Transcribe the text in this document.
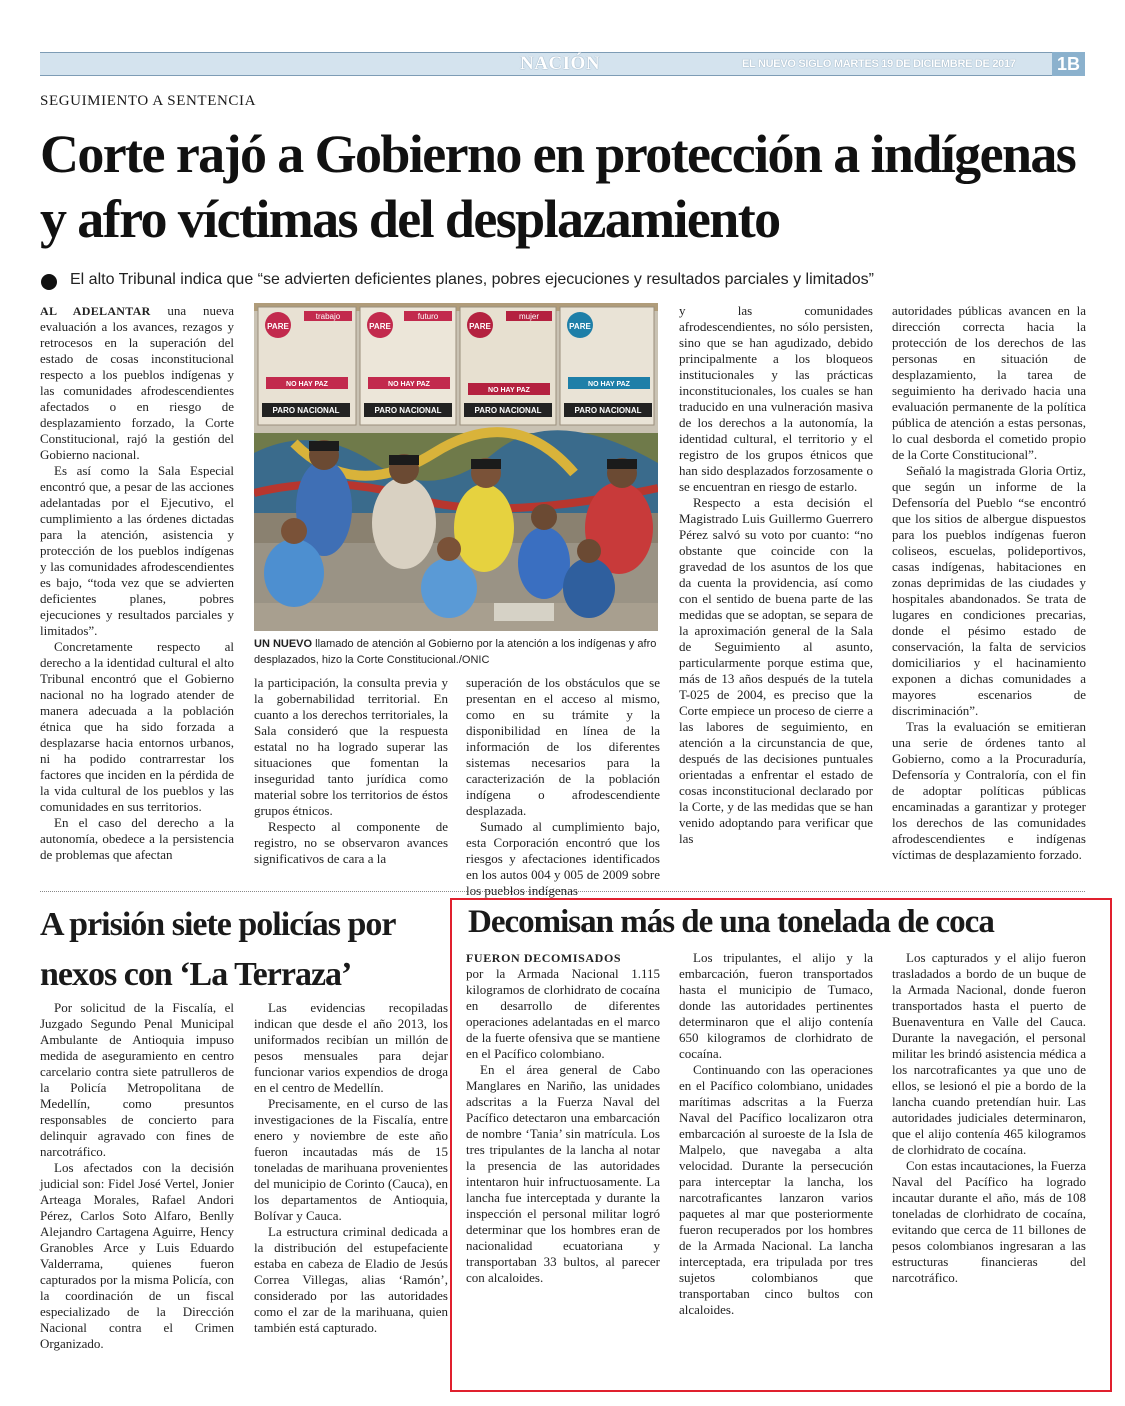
NACIÓN	EL NUEVO SIGLO MARTES 19 DE DICIEMBRE DE 2017 1B
SEGUIMIENTO A SENTENCIA
Corte rajó a Gobierno en protección a indígenas y afro víctimas del desplazamiento
El alto Tribunal indica que “se advierten deficientes planes, pobres ejecuciones y resultados parciales y limitados”

AL ADELANTAR una nueva evaluación a los avances, rezagos y retrocesos en la superación del estado de cosas inconstitucional respecto a los pueblos indígenas y las comunidades afrodescendientes afectados o en riesgo de desplazamiento forzado, la Corte Constitucional, rajó la gestión del Gobierno nacional.

Es así como la Sala Especial encontró que, a pesar de las acciones adelantadas por el Ejecutivo, el cumplimiento a las órdenes dictadas para la atención, asistencia y protección de los pueblos indígenas y las comunidades afrodescendientes es bajo, “toda vez que se advierten deficientes planes, pobres ejecuciones y resultados parciales y limitados”.

Concretamente respecto al derecho a la identidad cultural el alto Tribunal encontró que el Gobierno nacional no ha logrado atender de manera adecuada a la población étnica que ha sido forzada a desplazarse hacia entornos urbanos, ni ha podido contrarrestar los factores que inciden en la pérdida de la vida cultural de los pueblos y las comunidades en sus territorios.

En el caso del derecho a la autonomía, obedece a la persistencia de problemas que afectan

PARE	PARE	PARE	PARE
trabajo	futuro	mujer
NO HAY PAZ	NO HAY PAZ
NO HAY PAZ
NO HAY PAZ
PARO NACIONAL	PARO NACIONAL	PARO NACIONAL	PARO NACIONAL
UN NUEVO llamado de atención al Gobierno por la atención a los indígenas y afro desplazados, hizo la Corte Constitucional./ONIC

la participación, la consulta previa y la gobernabilidad territorial. En cuanto a los derechos territoriales, la Sala consideró que la respuesta estatal no ha logrado superar las situaciones que fomentan la inseguridad tanto jurídica como material sobre los territorios de éstos grupos étnicos.

Respecto al componente de registro, no se observaron avances significativos de cara a la

superación de los obstáculos que se presentan en el acceso al mismo, como en su trámite y la disponibilidad en línea de la información de los diferentes sistemas necesarios para la caracterización de la población indígena o afrodescendiente desplazada.

Sumado al cumplimiento bajo, esta Corporación encontró que los riesgos y afectaciones identificados en los autos 004 y 005 de 2009 sobre los pueblos indígenas

y las comunidades afrodescendientes, no sólo persisten, sino que se han agudizado, debido principalmente a los bloqueos institucionales y las prácticas inconstitucionales, los cuales se han traducido en una vulneración masiva de los derechos a la autonomía, la identidad cultural, el territorio y el registro de los grupos étnicos que han sido desplazados forzosamente o se encuentran en riesgo de estarlo.

Respecto a esta decisión el Magistrado Luis Guillermo Guerrero Pérez salvó su voto por cuanto: “no obstante que coincide con la gravedad de los asuntos de los que da cuenta la providencia, así como con el sentido de buena parte de las medidas que se adoptan, se separa de la aproximación general de la Sala de Seguimiento al asunto, particularmente porque estima que, más de 13 años después de la tutela T-025 de 2004, es preciso que la Corte empiece un proceso de cierre a las labores de seguimiento, en atención a la circunstancia de que, después de las decisiones puntuales orientadas a enfrentar el estado de cosas inconstitucional declarado por la Corte, y de las medidas que se han venido adoptando para verificar que las

autoridades públicas avancen en la dirección correcta hacia la protección de los derechos de las personas en situación de desplazamiento, la tarea de seguimiento ha derivado hacia una evaluación permanente de la política pública de atención a estas personas, lo cual desborda el cometido propio de la Corte Constitucional”.

Señaló la magistrada Gloria Ortiz, que según un informe de la Defensoría del Pueblo “se encontró que los sitios de albergue dispuestos para los pueblos indígenas fueron coliseos, escuelas, polideportivos, casas indígenas, habitaciones en zonas deprimidas de las ciudades y hospitales abandonados. Se trata de lugares en condiciones precarias, donde el pésimo estado de conservación, la falta de servicios domiciliarios y el hacinamiento exponen a dichas comunidades a mayores escenarios de discriminación”.

Tras la evaluación se emitieran una serie de órdenes tanto al Gobierno, como a la Procuraduría, Defensoría y Contraloría, con el fin de adoptar políticas públicas encaminadas a garantizar y proteger los derechos de las comunidades afrodescendientes e indígenas víctimas de desplazamiento forzado.

A prisión siete policías por nexos con ‘La Terraza’

Por solicitud de la Fiscalía, el Juzgado Segundo Penal Municipal Ambulante de Antioquia impuso medida de aseguramiento en centro carcelario contra siete patrulleros de la Policía Metropolitana de Medellín, como presuntos responsables de concierto para delinquir agravado con fines de narcotráfico.

Los afectados con la decisión judicial son: Fidel José Vertel, Jonier Arteaga Morales, Rafael Andori Pérez, Carlos Soto Alfaro, Benlly Alejandro Cartagena Aguirre, Hency Granobles Arce y Luis Eduardo Valderrama, quienes fueron capturados por la misma Policía, con la coordinación de un fiscal especializado de la Dirección Nacional contra el Crimen Organizado.

Las evidencias recopiladas indican que desde el año 2013, los uniformados recibían un millón de pesos mensuales para dejar funcionar varios expendios de droga en el centro de Medellín.

Precisamente, en el curso de las investigaciones de la Fiscalía, entre enero y noviembre de este año fueron incautadas más de 15 toneladas de marihuana provenientes del municipio de Corinto (Cauca), en los departamentos de Antioquia, Bolívar y Cauca.

La estructura criminal dedicada a la distribución del estupefaciente estaba en cabeza de Eladio de Jesús Correa Villegas, alias ‘Ramón’, considerado por las autoridades como el zar de la marihuana, quien también está capturado.

Decomisan más de una tonelada de coca

FUERON DECOMISADOS
por la Armada Nacional 1.115 kilogramos de clorhidrato de cocaína en desarrollo de diferentes operaciones adelantadas en el marco de la fuerte ofensiva que se mantiene en el Pacífico colombiano.

En el área general de Cabo Manglares en Nariño, las unidades adscritas a la Fuerza Naval del Pacífico detectaron una embarcación de nombre ‘Tania’ sin matrícula. Los tres tripulantes de la lancha al notar la presencia de las autoridades intentaron huir infructuosamente. La lancha fue interceptada y durante la inspección el personal militar logró determinar que los hombres eran de nacionalidad ecuatoriana y transportaban 33 bultos, al parecer con alcaloides.

Los tripulantes, el alijo y la embarcación, fueron transportados hasta el municipio de Tumaco, donde las autoridades pertinentes determinaron que el alijo contenía 650 kilogramos de clorhidrato de cocaína.

Continuando con las operaciones en el Pacífico colombiano, unidades marítimas adscritas a la Fuerza Naval del Pacífico localizaron otra embarcación al suroeste de la Isla de Malpelo, que navegaba a alta velocidad. Durante la persecución para interceptar la lancha, los narcotraficantes lanzaron varios paquetes al mar que posteriormente fueron recuperados por los hombres de la Armada Nacional. La lancha interceptada, era tripulada por tres sujetos colombianos que transportaban cinco bultos con alcaloides.

Los capturados y el alijo fueron trasladados a bordo de un buque de la Armada Nacional, donde fueron transportados hasta el puerto de Buenaventura en Valle del Cauca. Durante la navegación, el personal militar les brindó asistencia médica a los narcotraficantes ya que uno de ellos, se lesionó el pie a bordo de la lancha cuando pretendían huir. Las autoridades judiciales determinaron, que el alijo contenía 465 kilogramos de clorhidrato de cocaína.

Con estas incautaciones, la Fuerza Naval del Pacífico ha logrado incautar durante el año, más de 108 toneladas de clorhidrato de cocaína, evitando que cerca de 11 billones de pesos colombianos ingresaran a las estructuras financieras del narcotráfico.
